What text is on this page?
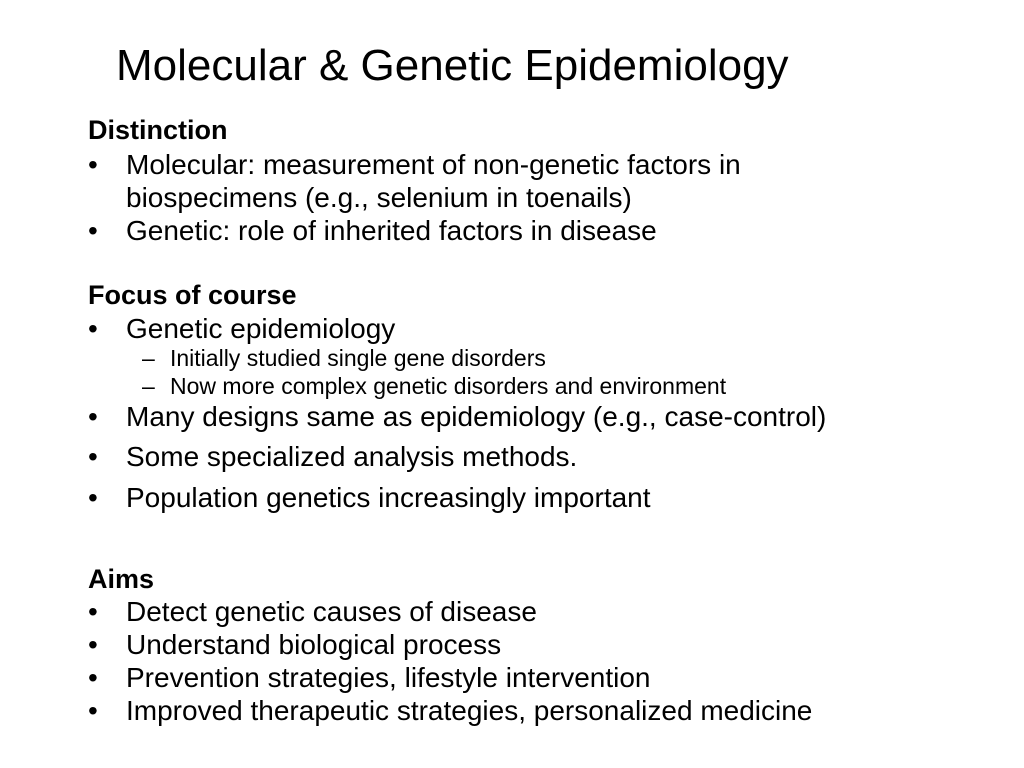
Molecular & Genetic Epidemiology
Distinction
•	Molecular: measurement of non-genetic factors in
biospecimens (e.g., selenium in toenails)
•	Genetic: role of inherited factors in disease
Focus of course
•	Genetic epidemiology
– Initially studied single gene disorders
– Now more complex genetic disorders and environment
•	Many designs same as epidemiology (e.g., case-control)
•	Some specialized analysis methods.
•	Population genetics increasingly important
Aims
•	Detect genetic causes of disease
•	Understand biological process
•	Prevention strategies, lifestyle intervention
•	Improved therapeutic strategies, personalized medicine
